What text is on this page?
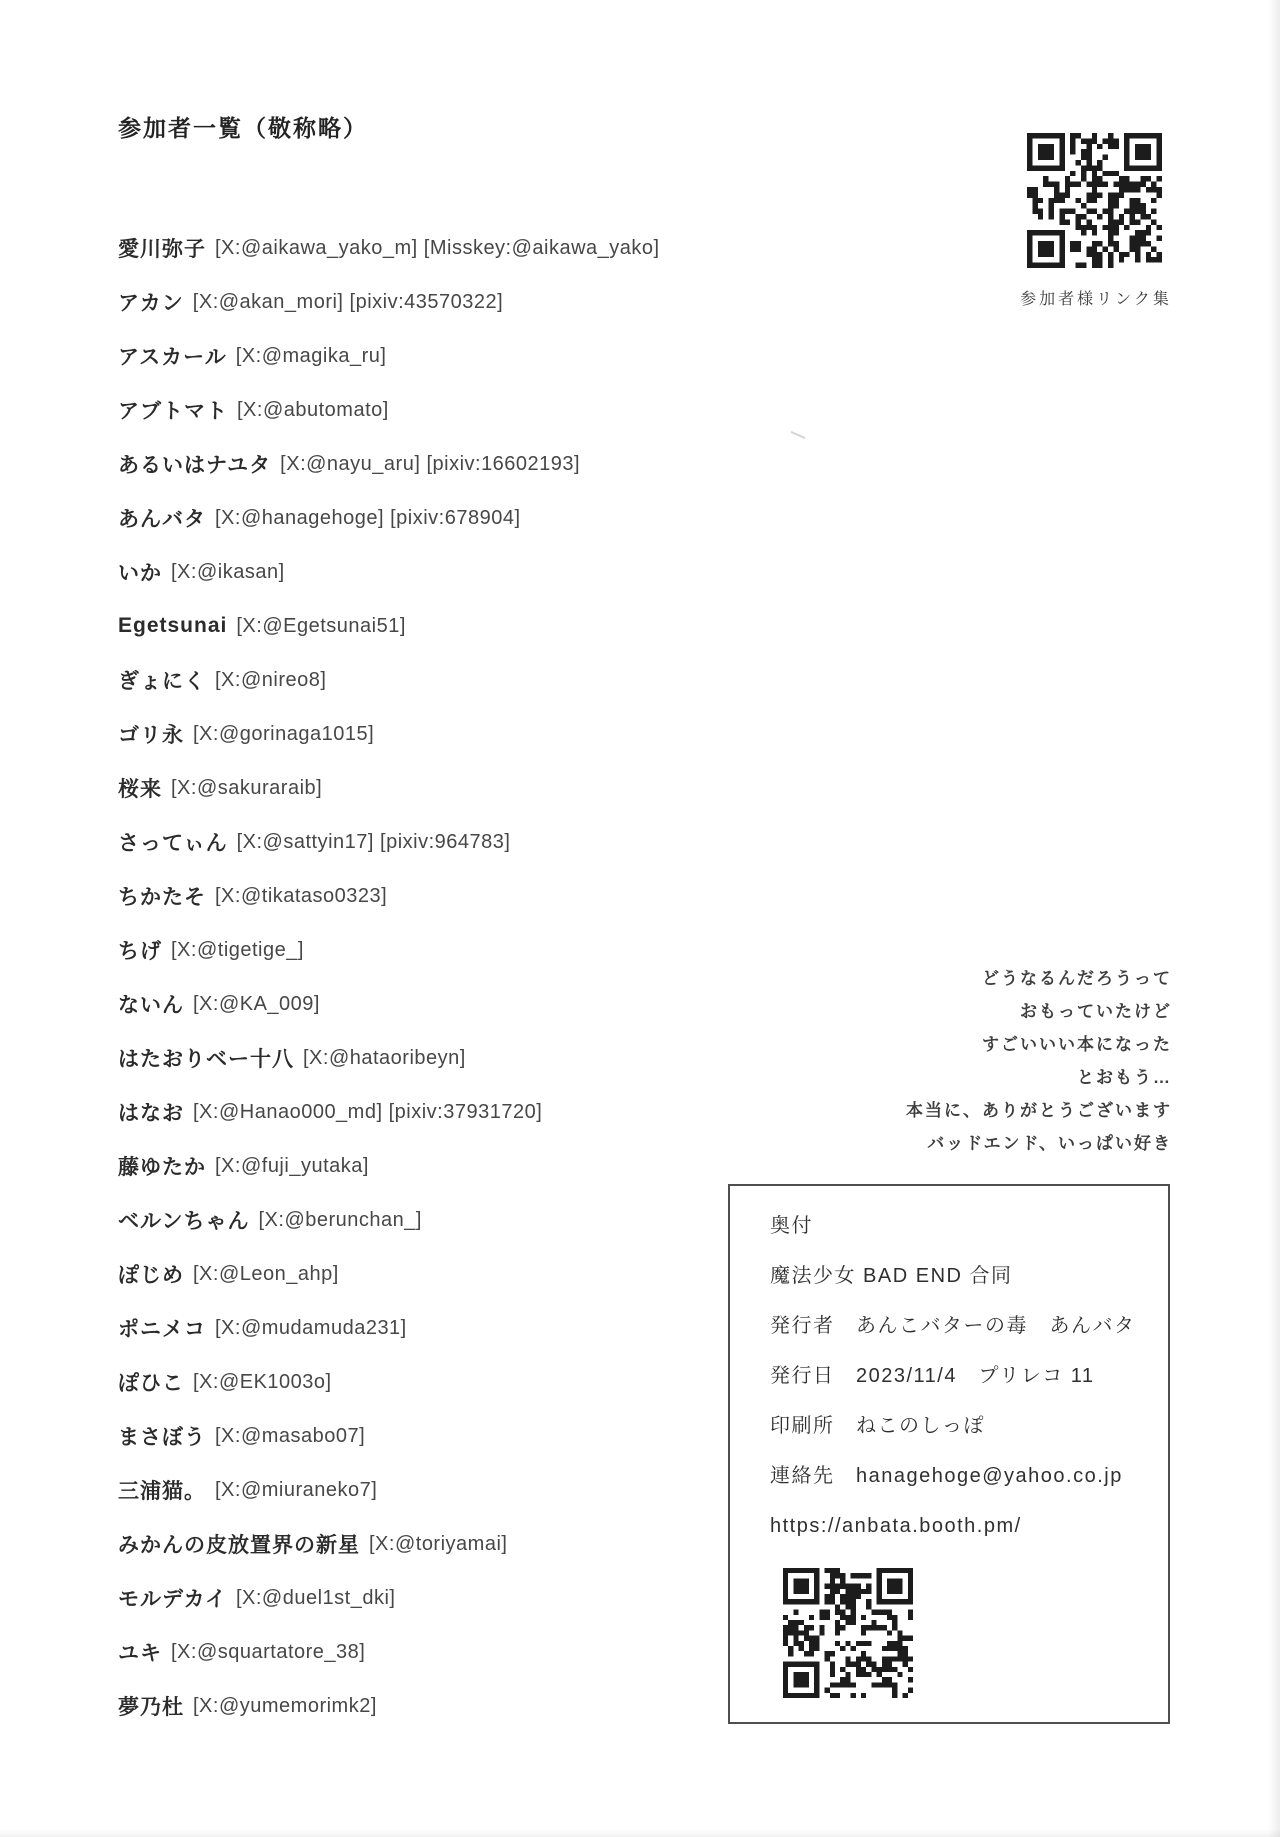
参加者一覧（敬称略）
参加者様リンク集
愛川弥子 [X:@aikawa_yako_m] [Misskey:@aikawa_yako]
アカン [X:@akan_mori] [pixiv:43570322]
アスカール [X:@magika_ru]
アブトマト [X:@abutomato]
あるいはナユタ [X:@nayu_aru] [pixiv:16602193]
あんバタ [X:@hanagehoge] [pixiv:678904]
いか [X:@ikasan]
Egetsunai [X:@Egetsunai51]
ぎょにく [X:@nireo8]
ゴリ永 [X:@gorinaga1015]
桜来 [X:@sakuraraib]
さってぃん [X:@sattyin17] [pixiv:964783]
ちかたそ [X:@tikataso0323]
ちげ [X:@tigetige_]
ないん [X:@KA_009]
はたおりベー十八 [X:@hataoribeyn]
はなお [X:@Hanao000_md] [pixiv:37931720]
藤ゆたか [X:@fuji_yutaka]
ベルンちゃん [X:@berunchan_]
ぽじめ [X:@Leon_ahp]
ポニメコ [X:@mudamuda231]
ぽひこ [X:@EK1003o]
まさぼう [X:@masabo07]
三浦猫。 [X:@miuraneko7]
みかんの皮放置界の新星 [X:@toriyamai]
モルデカイ [X:@duel1st_dki]
ユキ [X:@squartatore_38]
夢乃杜 [X:@yumemorimk2]
どうなるんだろうって
おもっていたけど
すごいいい本になった
とおもう…
本当に、ありがとうございます
バッドエンド、いっぱい好き
奥付
魔法少女 BAD END 合同
発行者　あんこバターの毒　あんバタ
発行日　2023/11/4　プリレコ 11
印刷所　ねこのしっぽ
連絡先　hanagehoge@yahoo.co.jp
https://anbata.booth.pm/
